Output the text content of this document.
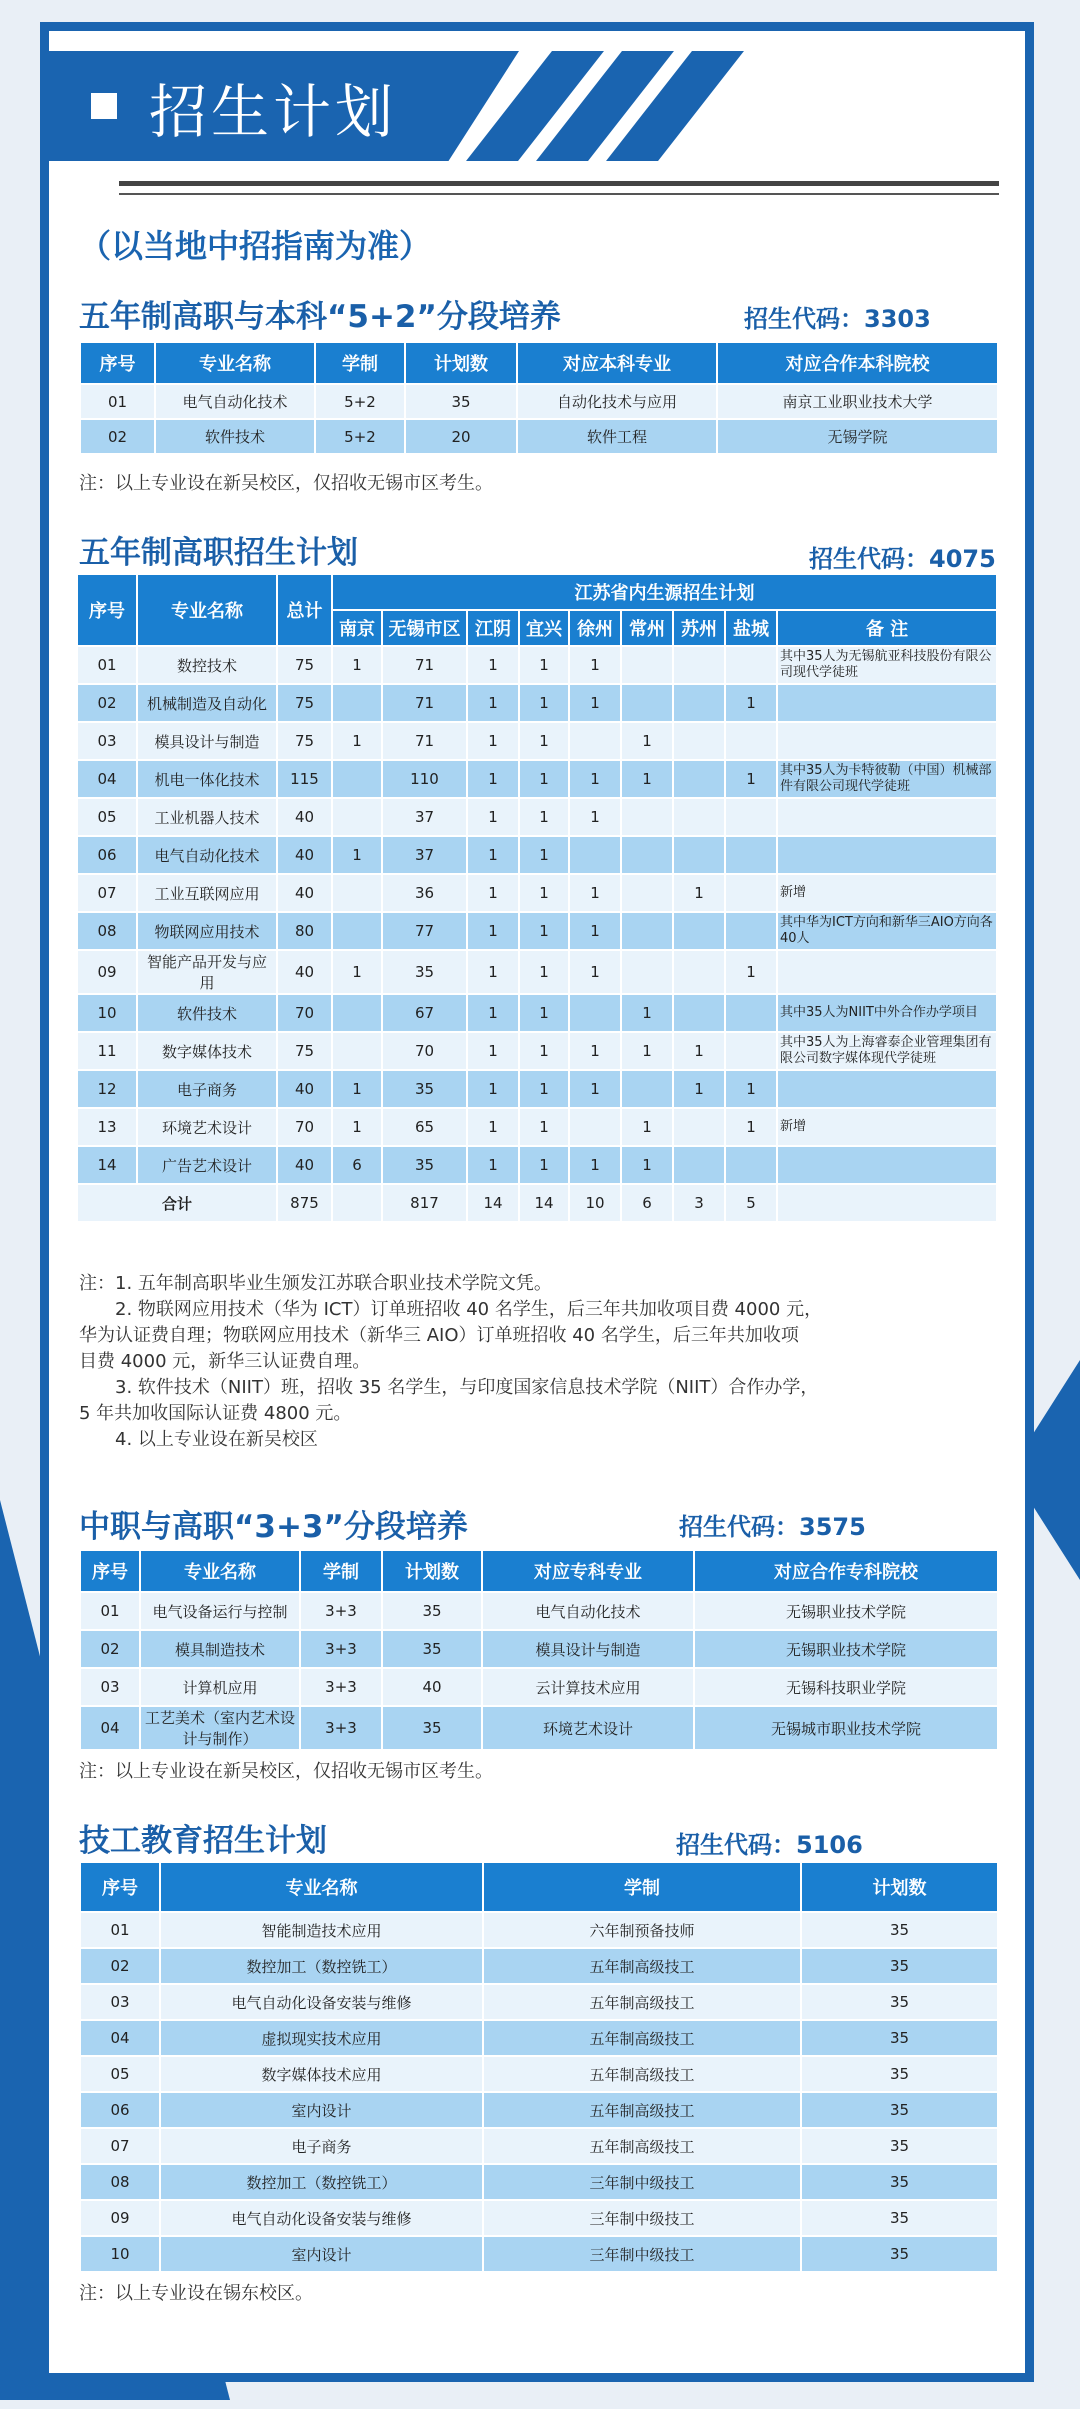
招生计划
（以当地中招指南为准）
五年制高职与本科“5+2”分段培养	招生代码：3303
序号	专业名称	学制	计划数	对应本科专业	对应合作本科院校
01	电气自动化技术	5+2	35	自动化技术与应用	南京工业职业技术大学
02	软件技术	5+2	20	软件工程	无锡学院
注：以上专业设在新吴校区，仅招收无锡市区考生。
五年制高职招生计划	招生代码：4075
序号	专业名称	总计	江苏省内生源招生计划								
			南京	无锡市区	江阴	宜兴	徐州	常州	苏州	盐城	备 注
01	数控技术	75	1	71	1	1	1				其中35人为无锡航亚科技股份有限公司现代学徒班
02	机械制造及自动化	75		71	1	1	1			1	
03	模具设计与制造	75	1	71	1	1		1			
04	机电一体化技术	115		110	1	1	1	1		1	其中35人为卡特彼勒（中国）机械部件有限公司现代学徒班
05	工业机器人技术	40		37	1	1	1				
06	电气自动化技术	40	1	37	1	1					
07	工业互联网应用	40		36	1	1	1		1		新增
08	物联网应用技术	80		77	1	1	1				其中华为ICT方向和新华三AIO方向各40人
09	智能产品开发与应用	40	1	35	1	1	1			1	
10	软件技术	70		67	1	1		1			其中35人为NIIT中外合作办学项目
11	数字媒体技术	75		70	1	1	1	1	1		其中35人为上海睿泰企业管理集团有限公司数字媒体现代学徒班
12	电子商务	40	1	35	1	1	1		1	1	
13	环境艺术设计	70	1	65	1	1		1		1	新增
14	广告艺术设计	40	6	35	1	1	1	1			
合计		875		817	14	14	10	6	3	5	
注：1. 五年制高职毕业生颁发江苏联合职业技术学院文凭。
　　2. 物联网应用技术（华为 ICT）订单班招收 40 名学生，后三年共加收项目费 4000 元，
华为认证费自理；物联网应用技术（新华三 AIO）订单班招收 40 名学生，后三年共加收项
目费 4000 元，新华三认证费自理。
　　3. 软件技术（NIIT）班，招收 35 名学生，与印度国家信息技术学院（NIIT）合作办学，
5 年共加收国际认证费 4800 元。
　　4. 以上专业设在新吴校区
中职与高职“3+3”分段培养	招生代码：3575
序号	专业名称	学制	计划数	对应专科专业	对应合作专科院校
01	电气设备运行与控制	3+3	35	电气自动化技术	无锡职业技术学院
02	模具制造技术	3+3	35	模具设计与制造	无锡职业技术学院
03	计算机应用	3+3	40	云计算技术应用	无锡科技职业学院
04	工艺美术（室内艺术设计与制作）	3+3	35	环境艺术设计	无锡城市职业技术学院
注：以上专业设在新吴校区，仅招收无锡市区考生。
技工教育招生计划	招生代码：5106
序号	专业名称	学制	计划数
01	智能制造技术应用	六年制预备技师	35
02	数控加工（数控铣工）	五年制高级技工	35
03	电气自动化设备安装与维修	五年制高级技工	35
04	虚拟现实技术应用	五年制高级技工	35
05	数字媒体技术应用	五年制高级技工	35
06	室内设计	五年制高级技工	35
07	电子商务	五年制高级技工	35
08	数控加工（数控铣工）	三年制中级技工	35
09	电气自动化设备安装与维修	三年制中级技工	35
10	室内设计	三年制中级技工	35
注：以上专业设在锡东校区。
